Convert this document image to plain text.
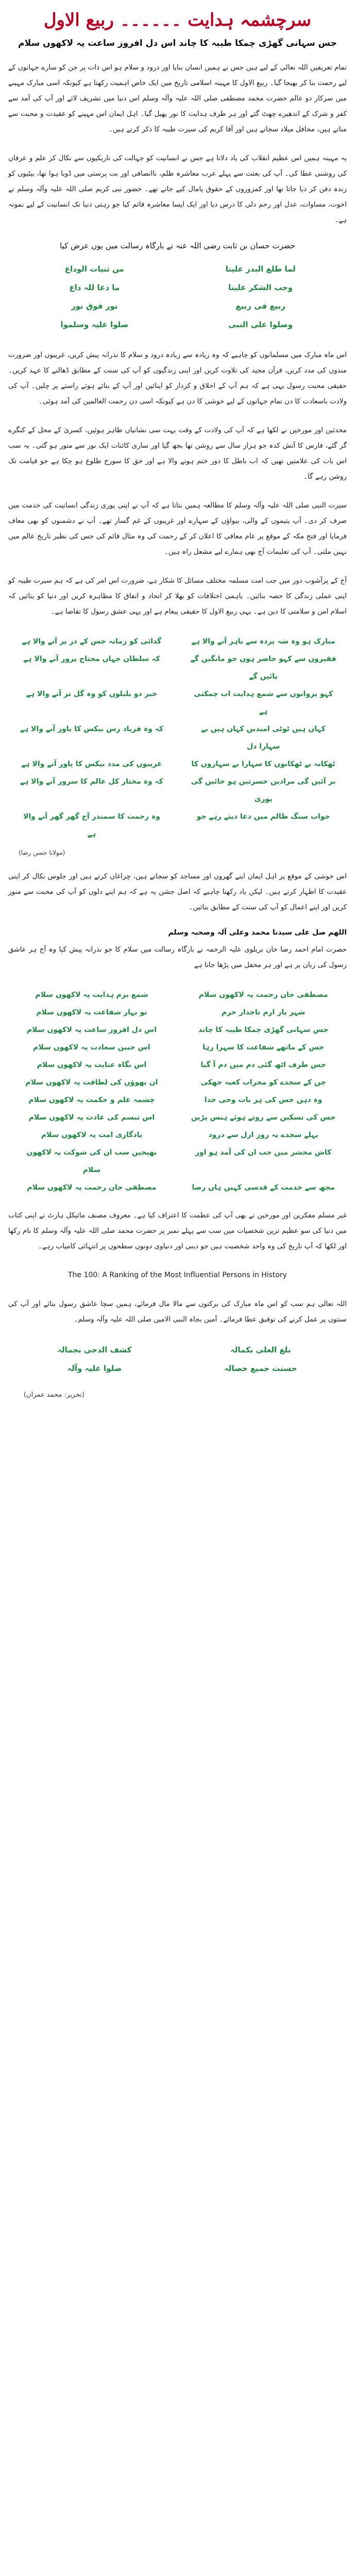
سرچشمہ ہدایت ۔۔۔۔۔۔ ربیع الاول
جس سہانی گھڑی چمکا طیبہ کا چاند اس دل افروز ساعت پہ لاکھوں سلام

تمام تعریفیں اللہ تعالی کے لیے ہیں جس نے ہمیں انسان بنایا اور درود و سلام ہو اس ذات پر جن کو سارے جہانوں کے لیے رحمت بنا کر بھیجا گیا۔ ربیع الاول کا مہینہ اسلامی تاریخ میں ایک خاص اہمیت رکھتا ہے کیونکہ اسی مبارک مہینے میں سرکار دو عالم حضرت محمد مصطفی صلی اللہ علیہ وآلہ وسلم اس دنیا میں تشریف لائے اور آپ کی آمد سے کفر و شرک کے اندھیرے چھٹ گئے اور ہر طرف ہدایت کا نور پھیل گیا۔ اہل ایمان اس مہینے کو عقیدت و محبت سے مناتے ہیں، محافل میلاد سجاتے ہیں اور آقا کریم کی سیرت طیبہ کا ذکر کرتے ہیں۔

یہ مہینہ ہمیں اس عظیم انقلاب کی یاد دلاتا ہے جس نے انسانیت کو جہالت کی تاریکیوں سے نکال کر علم و عرفان کی روشنی عطا کی۔ آپ کی بعثت سے پہلے عرب معاشرہ ظلم، ناانصافی اور بت پرستی میں ڈوبا ہوا تھا، بیٹیوں کو زندہ دفن کر دیا جاتا تھا اور کمزوروں کے حقوق پامال کیے جاتے تھے۔ حضور نبی کریم صلی اللہ علیہ وآلہ وسلم نے اخوت، مساوات، عدل اور رحم دلی کا درس دیا اور ایک ایسا معاشرہ قائم کیا جو رہتی دنیا تک انسانیت کے لیے نمونہ ہے۔

حضرت حسان بن ثابت رضی اللہ عنہ نے بارگاہ رسالت میں یوں عرض کیا
لما طلع البدر علینا
من ثنیات الوداع
وجب الشکر علینا
ما دعا للہ داع
ربیع فی ربیع
نور فوق نور
وصلوا علی النبی
صلوا علیہ وسلموا

اس ماہ مبارک میں مسلمانوں کو چاہیے کہ وہ زیادہ سے زیادہ درود و سلام کا نذرانہ پیش کریں، غریبوں اور ضرورت مندوں کی مدد کریں، قرآن مجید کی تلاوت کریں اور اپنی زندگیوں کو آپ کی سنت کے مطابق ڈھالنے کا عہد کریں۔ حقیقی محبت رسول یہی ہے کہ ہم آپ کے اخلاق و کردار کو اپنائیں اور آپ کے بتائے ہوئے راستے پر چلیں۔ آپ کی ولادت باسعادت کا دن تمام جہانوں کے لیے خوشی کا دن ہے کیونکہ اسی دن رحمت العالمین کی آمد ہوئی۔

محدثین اور مورخین نے لکھا ہے کہ آپ کی ولادت کے وقت بہت سی نشانیاں ظاہر ہوئیں، کسریٰ کے محل کے کنگرے گر گئے، فارس کا آتش کدہ جو ہزار سال سے روشن تھا بجھ گیا اور ساری کائنات ایک نور سے منور ہو گئی۔ یہ سب اس بات کی علامتیں تھیں کہ اب باطل کا دور ختم ہونے والا ہے اور حق کا سورج طلوع ہو چکا ہے جو قیامت تک روشن رہے گا۔

سیرت النبی صلی اللہ علیہ وآلہ وسلم کا مطالعہ ہمیں بتاتا ہے کہ آپ نے اپنی پوری زندگی انسانیت کی خدمت میں صرف کر دی۔ آپ یتیموں کے والی، بیواؤں کے سہارے اور غریبوں کے غم گسار تھے۔ آپ نے دشمنوں کو بھی معاف فرمایا اور فتح مکہ کے موقع پر عام معافی کا اعلان کر کے رحمت کی وہ مثال قائم کی جس کی نظیر تاریخ عالم میں نہیں ملتی۔ آپ کی تعلیمات آج بھی ہمارے لیے مشعل راہ ہیں۔

آج کے پرآشوب دور میں جب امت مسلمہ مختلف مسائل کا شکار ہے، ضرورت اس امر کی ہے کہ ہم سیرت طیبہ کو اپنی عملی زندگی کا حصہ بنائیں۔ باہمی اختلافات کو بھلا کر اتحاد و اتفاق کا مظاہرہ کریں اور دنیا کو بتائیں کہ اسلام امن و سلامتی کا دین ہے۔ یہی ربیع الاول کا حقیقی پیغام ہے اور یہی عشق رسول کا تقاضا ہے۔

مبارک ہو وہ شہ پردہ سے باہر آنے والا ہے
گدائی کو زمانہ جس کے در پر آنے والا ہے
فقیروں سے کہو حاضر ہوں جو مانگیں گے پائیں گے
کہ سلطان جہاں محتاج پرور آنے والا ہے
کہو پروانوں سے شمع ہدایت اب چمکتی ہے
خبر دو بلبلوں کو وہ گل تر آنے والا ہے
کہاں ہیں ٹوٹی امیدیں کہاں ہیں بے سہارا دل
کہ وہ فریاد رس بیکس کا یاور آنے والا ہے
ٹھکانہ بے ٹھکانوں کا سہارا بے سہاروں کا
غریبوں کی مدد بیکس کا یاور آنے والا ہے
بر آئیں گی مرادیں حسرتیں ہو جائیں گی پوری
کہ وہ مختار کل عالم کا سرور آنے والا ہے
جواب سنگ ظالم میں دعا دیتے رہے جو
وہ رحمت کا سمندر آج گھر گھر آنے والا ہے
(مولانا حسن رضا)

اس خوشی کے موقع پر اہل ایمان اپنے گھروں اور مساجد کو سجاتے ہیں، چراغاں کرتے ہیں اور جلوس نکال کر اپنی عقیدت کا اظہار کرتے ہیں۔ لیکن یاد رکھنا چاہیے کہ اصل جشن یہ ہے کہ ہم اپنے دلوں کو آپ کی محبت سے منور کریں اور اپنے اعمال کو آپ کی سنت کے مطابق بنائیں۔

اللھم صل علی سیدنا محمد وعلی آلہ وصحبہ وسلم

حضرت امام احمد رضا خان بریلوی علیہ الرحمہ نے بارگاہ رسالت میں سلام کا جو نذرانہ پیش کیا وہ آج ہر عاشق رسول کی زبان پر ہے اور ہر محفل میں پڑھا جاتا ہے

مصطفی جان رحمت پہ لاکھوں سلام
شمع بزم ہدایت پہ لاکھوں سلام
شہر یار ارم تاجدار حرم
نو بہار شفاعت پہ لاکھوں سلام
جس سہانی گھڑی چمکا طیبہ کا چاند
اس دل افروز ساعت پہ لاکھوں سلام
جس کے ماتھے شفاعت کا سہرا رہا
اس جبین سعادت پہ لاکھوں سلام
جس طرف اٹھ گئی دم میں دم آ گیا
اس نگاہ عنایت پہ لاکھوں سلام
جن کے سجدے کو محراب کعبہ جھکی
ان بھوؤں کی لطافت پہ لاکھوں سلام
وہ دہن جس کی ہر بات وحی خدا
چشمہ علم و حکمت پہ لاکھوں سلام
جس کی تسکیں سے روتے ہوئے ہنس پڑیں
اس تبسم کی عادت پہ لاکھوں سلام
پہلے سجدے پہ روز ازل سے درود
یادگاری امت پہ لاکھوں سلام
کاش محشر میں جب ان کی آمد ہو اور
بھیجیں سب ان کی شوکت پہ لاکھوں سلام
مجھ سے خدمت کے قدسی کہیں ہاں رضا
مصطفی جان رحمت پہ لاکھوں سلام

غیر مسلم مفکرین اور مورخین نے بھی آپ کی عظمت کا اعتراف کیا ہے۔ معروف مصنف مائیکل ہارٹ نے اپنی کتاب میں دنیا کی سو عظیم ترین شخصیات میں سب سے پہلے نمبر پر حضرت محمد صلی اللہ علیہ وآلہ وسلم کا نام رکھا اور لکھا کہ آپ تاریخ کی وہ واحد شخصیت ہیں جو دینی اور دنیاوی دونوں سطحوں پر انتہائی کامیاب رہے۔

The 100: A Ranking of the Most Influential Persons in History

اللہ تعالی ہم سب کو اس ماہ مبارک کی برکتوں سے مالا مال فرمائے، ہمیں سچا عاشق رسول بنائے اور آپ کی سنتوں پر عمل کرنے کی توفیق عطا فرمائے۔ آمین بجاہ النبی الامین صلی اللہ علیہ وآلہ وسلم۔

بلغ العلی بکمالہ
کشف الدجی بجمالہ
حسنت جمیع خصالہ
صلوا علیہ وآلہ
(تحریر: محمد عمران)
